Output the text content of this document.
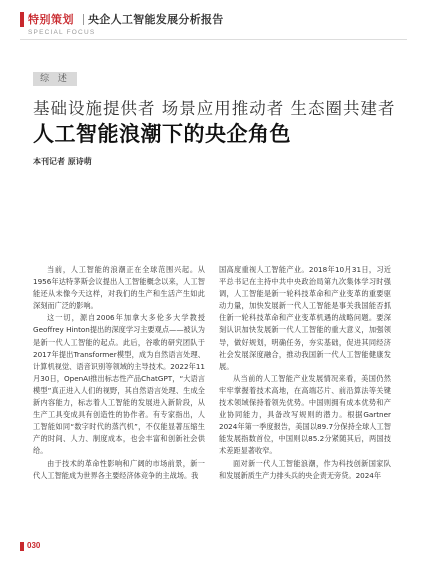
特别策划 央企人工智能发展分析报告
SPECIAL FOCUS
综 述
基础设施提供者 场景应用推动者 生态圈共建者
人工智能浪潮下的央企角色
本刊记者 原诗萌

当前，人工智能的浪潮正在全球范围兴起。从1956年达特茅斯会议提出人工智能概念以来，人工智能还从未像今天这样，对我们的生产和生活产生如此深刻而广泛的影响。

这一切，源自2006年加拿大多伦多大学教授Geoffrey Hinton提出的深度学习主要观点——被认为是新一代人工智能的起点。此后，谷歌的研究团队于2017年提出Transformer模型，成为自然语言处理、计算机视觉、语音识别等领域的主导技术。2022年11月30日，OpenAI推出标志性产品ChatGPT，“大语言模型”真正进入人们的视野，其自然语言处理、生成全新内容能力，标志着人工智能的发展进入新阶段，从生产工具变成具有创造性的协作者。有专家指出，人工智能如同“数字时代的蒸汽机”，不仅能显著压缩生产的时间、人力、制度成本，也会丰富和创新社会供给。

由于技术的革命性影响和广阔的市场前景，新一代人工智能成为世界各主要经济体竞争的主战场。我

国高度重视人工智能产业。2018年10月31日，习近平总书记在主持中共中央政治局第九次集体学习时强调，人工智能是新一轮科技革命和产业变革的重要驱动力量，加快发展新一代人工智能是事关我国能否抓住新一轮科技革命和产业变革机遇的战略问题。要深刻认识加快发展新一代人工智能的重大意义，加强领导，做好规划，明确任务，夯实基础，促进其同经济社会发展深度融合，推动我国新一代人工智能健康发展。

从当前的人工智能产业发展情况来看，美国仍然牢牢掌握着技术高地，在高端芯片、前沿算法等关键技术领域保持着领先优势。中国则拥有成本优势和产业协同能力，具备改写规则的潜力。根据Gartner 2024年第一季度报告，美国以89.7分保持全球人工智能发展指数首位，中国则以85.2分紧随其后，两国技术差距显著收窄。

面对新一代人工智能浪潮，作为科技创新国家队和发展新质生产力排头兵的央企责无旁贷。2024年

030
